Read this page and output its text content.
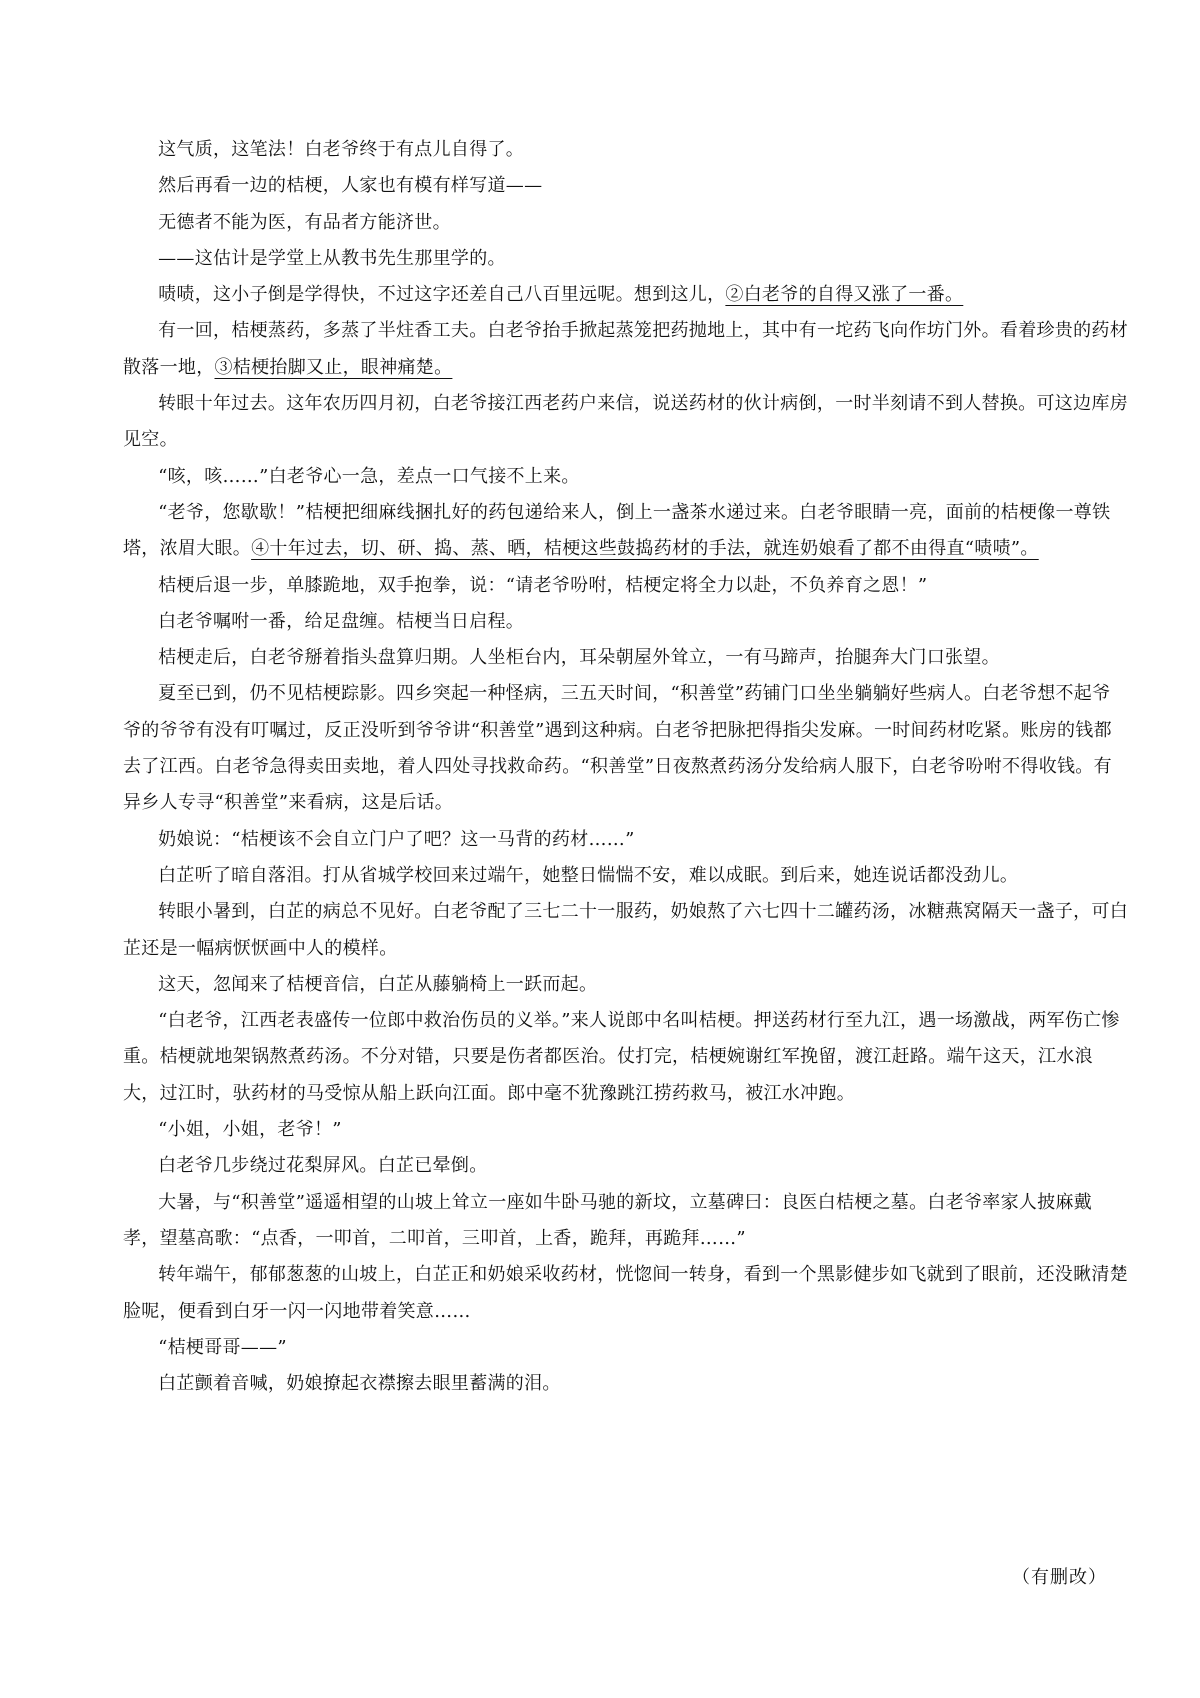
这气质，这笔法！白老爷终于有点儿自得了。

然后再看一边的桔梗，人家也有模有样写道——

无德者不能为医，有品者方能济世。

——这估计是学堂上从教书先生那里学的。

啧啧，这小子倒是学得快，不过这字还差自己八百里远呢。想到这儿，②白老爷的自得又涨了一番。

有一回，桔梗蒸药，多蒸了半炷香工夫。白老爷抬手掀起蒸笼把药抛地上，其中有一坨药飞向作坊门外。看着珍贵的药材散落一地，③桔梗抬脚又止，眼神痛楚。

转眼十年过去。这年农历四月初，白老爷接江西老药户来信，说送药材的伙计病倒，一时半刻请不到人替换。可这边库房见空。

“咳，咳……”白老爷心一急，差点一口气接不上来。

“老爷，您歇歇！”桔梗把细麻线捆扎好的药包递给来人，倒上一盏茶水递过来。白老爷眼睛一亮，面前的桔梗像一尊铁塔，浓眉大眼。④十年过去，切、研、捣、蒸、晒，桔梗这些鼓捣药材的手法，就连奶娘看了都不由得直“啧啧”。

桔梗后退一步，单膝跪地，双手抱拳，说：“请老爷吩咐，桔梗定将全力以赴，不负养育之恩！”

白老爷嘱咐一番，给足盘缠。桔梗当日启程。

桔梗走后，白老爷掰着指头盘算归期。人坐柜台内，耳朵朝屋外耸立，一有马蹄声，抬腿奔大门口张望。

夏至已到，仍不见桔梗踪影。四乡突起一种怪病，三五天时间，“积善堂”药铺门口坐坐躺躺好些病人。白老爷想不起爷爷的爷爷有没有叮嘱过，反正没听到爷爷讲“积善堂”遇到这种病。白老爷把脉把得指尖发麻。一时间药材吃紧。账房的钱都去了江西。白老爷急得卖田卖地，着人四处寻找救命药。“积善堂”日夜熬煮药汤分发给病人服下，白老爷吩咐不得收钱。有异乡人专寻“积善堂”来看病，这是后话。

奶娘说：“桔梗该不会自立门户了吧？这一马背的药材……”

白芷听了暗自落泪。打从省城学校回来过端午，她整日惴惴不安，难以成眠。到后来，她连说话都没劲儿。

转眼小暑到，白芷的病总不见好。白老爷配了三七二十一服药，奶娘熬了六七四十二罐药汤，冰糖燕窝隔天一盏子，可白芷还是一幅病恹恹画中人的模样。

这天，忽闻来了桔梗音信，白芷从藤躺椅上一跃而起。

“白老爷，江西老表盛传一位郎中救治伤员的义举。”来人说郎中名叫桔梗。押送药材行至九江，遇一场激战，两军伤亡惨重。桔梗就地架锅熬煮药汤。不分对错，只要是伤者都医治。仗打完，桔梗婉谢红军挽留，渡江赶路。端午这天，江水浪大，过江时，驮药材的马受惊从船上跃向江面。郎中毫不犹豫跳江捞药救马，被江水冲跑。

“小姐，小姐，老爷！”

白老爷几步绕过花梨屏风。白芷已晕倒。

大暑，与“积善堂”遥遥相望的山坡上耸立一座如牛卧马驰的新坟，立墓碑曰：良医白桔梗之墓。白老爷率家人披麻戴孝，望墓高歌：“点香，一叩首，二叩首，三叩首，上香，跪拜，再跪拜……”

转年端午，郁郁葱葱的山坡上，白芷正和奶娘采收药材，恍惚间一转身，看到一个黑影健步如飞就到了眼前，还没瞅清楚脸呢，便看到白牙一闪一闪地带着笑意……

“桔梗哥哥——”

白芷颤着音喊，奶娘撩起衣襟擦去眼里蓄满的泪。

（有删改）
